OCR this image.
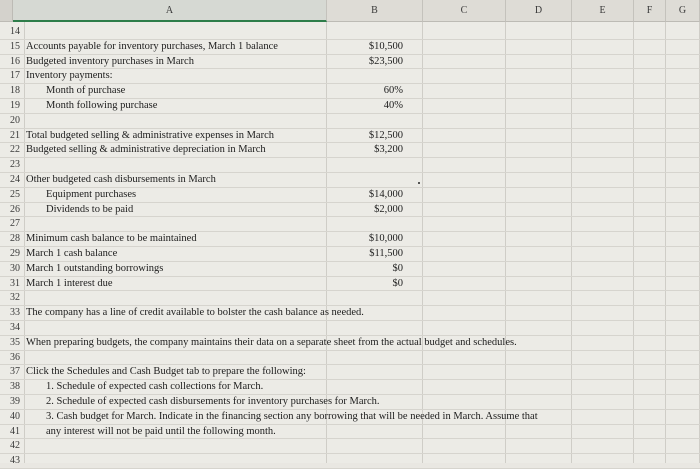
A	B	C	D	E	F	G
14
15 Accounts payable for inventory purchases, March 1 balance	$10,500
16 Budgeted inventory purchases in March	$23,500
17 Inventory payments:
18 Month of purchase	60%
19 Month following purchase	40%
20
21 Total budgeted selling & administrative expenses in March	$12,500
22 Budgeted selling & administrative depreciation in March	$3,200
23
24 Other budgeted cash disbursements in March
25 Equipment purchases	$14,000
26 Dividends to be paid	$2,000
27
28 Minimum cash balance to be maintained	$10,000
29 March 1 cash balance	$11,500
30 March 1 outstanding borrowings	$0
31 March 1 interest due	$0
32
33 The company has a line of credit available to bolster the cash balance as needed.
34
35 When preparing budgets, the company maintains their data on a separate sheet from the actual budget and schedules.
36
37 Click the Schedules and Cash Budget tab to prepare the following:
38 1. Schedule of expected cash collections for March.
39 2. Schedule of expected cash disbursements for inventory purchases for March.
40 3. Cash budget for March. Indicate in the financing section any borrowing that will be needed in March. Assume that
41 any interest will not be paid until the following month.
42
43
